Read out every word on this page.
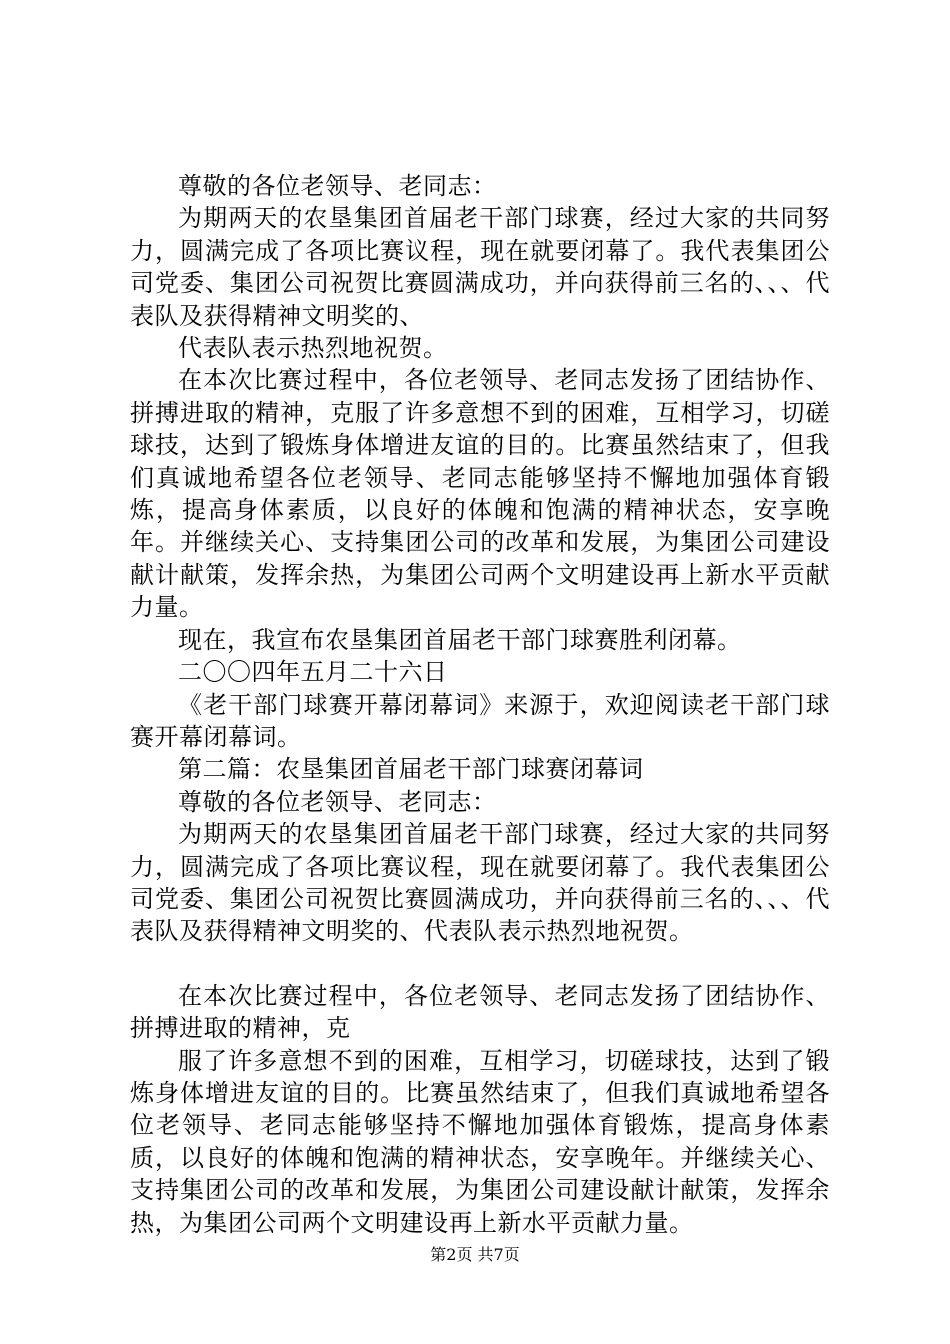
尊敬的各位老领导、老同志：

为期两天的农垦集团首届老干部门球赛，经过大家的共同努力，圆满完成了各项比赛议程，现在就要闭幕了。我代表集团公司党委、集团公司祝贺比赛圆满成功，并向获得前三名的、、、代表队及获得精神文明奖的、

代表队表示热烈地祝贺。

在本次比赛过程中，各位老领导、老同志发扬了团结协作、拼搏进取的精神，克服了许多意想不到的困难，互相学习，切磋球技，达到了锻炼身体增进友谊的目的。比赛虽然结束了，但我们真诚地希望各位老领导、老同志能够坚持不懈地加强体育锻炼，提高身体素质，以良好的体魄和饱满的精神状态，安享晚年。并继续关心、支持集团公司的改革和发展，为集团公司建设献计献策，发挥余热，为集团公司两个文明建设再上新水平贡献力量。

现在，我宣布农垦集团首届老干部门球赛胜利闭幕。

二〇〇四年五月二十六日

《老干部门球赛开幕闭幕词》来源于，欢迎阅读老干部门球赛开幕闭幕词。

第二篇：农垦集团首届老干部门球赛闭幕词

尊敬的各位老领导、老同志：

为期两天的农垦集团首届老干部门球赛，经过大家的共同努力，圆满完成了各项比赛议程，现在就要闭幕了。我代表集团公司党委、集团公司祝贺比赛圆满成功，并向获得前三名的、、、代表队及获得精神文明奖的、代表队表示热烈地祝贺。

在本次比赛过程中，各位老领导、老同志发扬了团结协作、拼搏进取的精神，克

服了许多意想不到的困难，互相学习，切磋球技，达到了锻炼身体增进友谊的目的。比赛虽然结束了，但我们真诚地希望各位老领导、老同志能够坚持不懈地加强体育锻炼，提高身体素质，以良好的体魄和饱满的精神状态，安享晚年。并继续关心、支持集团公司的改革和发展，为集团公司建设献计献策，发挥余热，为集团公司两个文明建设再上新水平贡献力量。

第2页 共7页
